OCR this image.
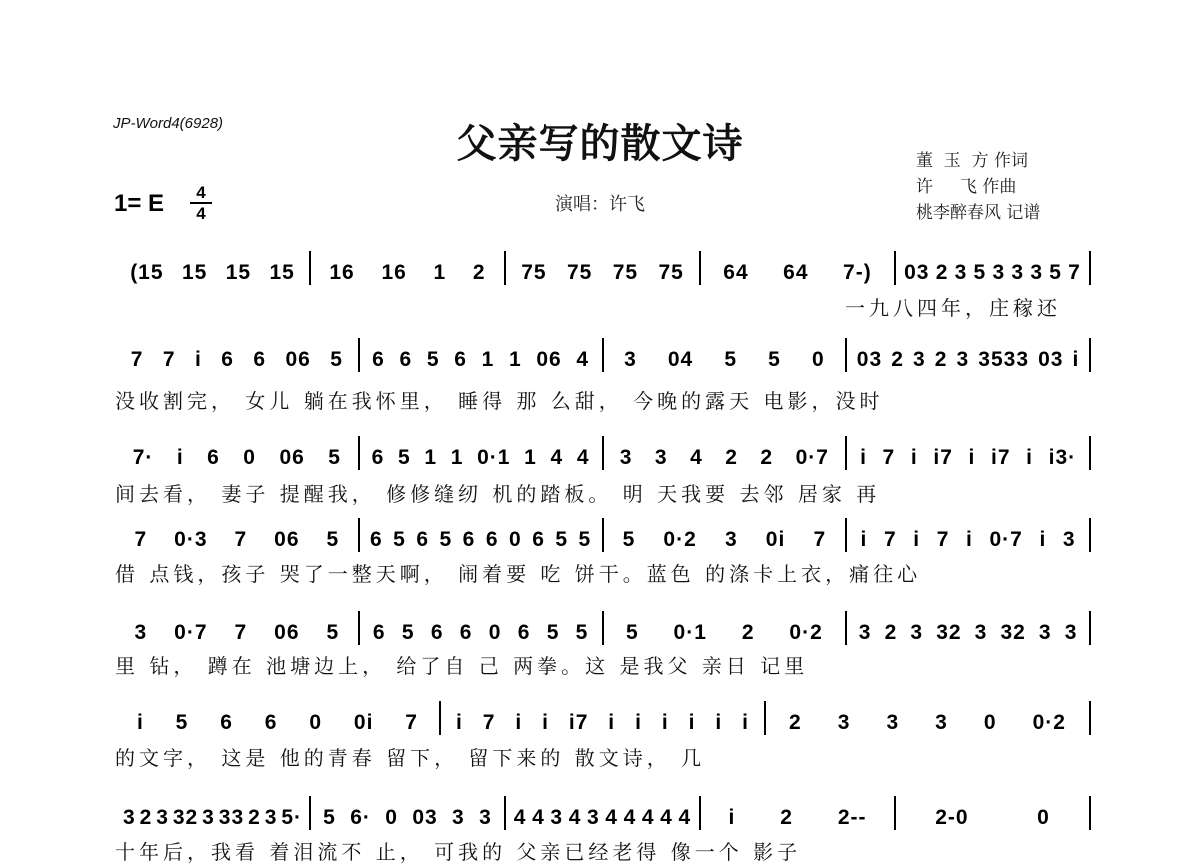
JP-Word4(6928)	父亲写的散文诗
1= E	4
4	演唱：许飞
董  玉  方 作词
许     飞 作曲
桃李醉春风 记谱
(15 15 15 15 16 16 1 2 75 75 75 75 64 64 7-) 03 2 3 5 3 3 3 5 7
一九八四年，庄稼还
7 7 i 6 6 06 5 6 6 5 6 1 1 06 4 3 04 5 5 0 03 2 3 2 3 3533 03 i
没收割完， 女儿 躺在我怀里， 睡得 那 么甜， 今晚的露天 电影，没时
7· i 6 0 06 5 6 5 1 1 0·1 1 4 4 3 3 4 2 2 0·7 i 7 i i7 i i7 i i3·
间去看， 妻子 提醒我， 修修缝纫 机的踏板。 明 天我要 去邻 居家 再
7 0·3 7 06 5 6 5 6 5 6 6 0 6 5 5 5 0·2 3 0i 7 i 7 i 7 i 0·7 i 3
借 点钱，孩子 哭了一整天啊， 闹着要 吃 饼干。蓝色 的涤卡上衣，痛往心
3 0·7 7 06 5 6 5 6 6 0 6 5 5 5 0·1 2 0·2 3 2 3 32 3 32 3 3
里 钻， 蹲在 池塘边上， 给了自 己 两拳。这 是我父 亲日 记里
i 5 6 6 0 0i 7 i 7 i i i7 i i i i i i 2 3 3 3 0 0·2
的文字， 这是 他的青春 留下， 留下来的 散文诗， 几
3 2 3 32 3 33 2 3 5· 5 6· 0 03 3 3 4 4 3 4 3 4 4 4 4 4 i 2 2--	2-0	0
十年后，我看 着泪流不 止， 可我的 父亲已经老得 像一个 影子
